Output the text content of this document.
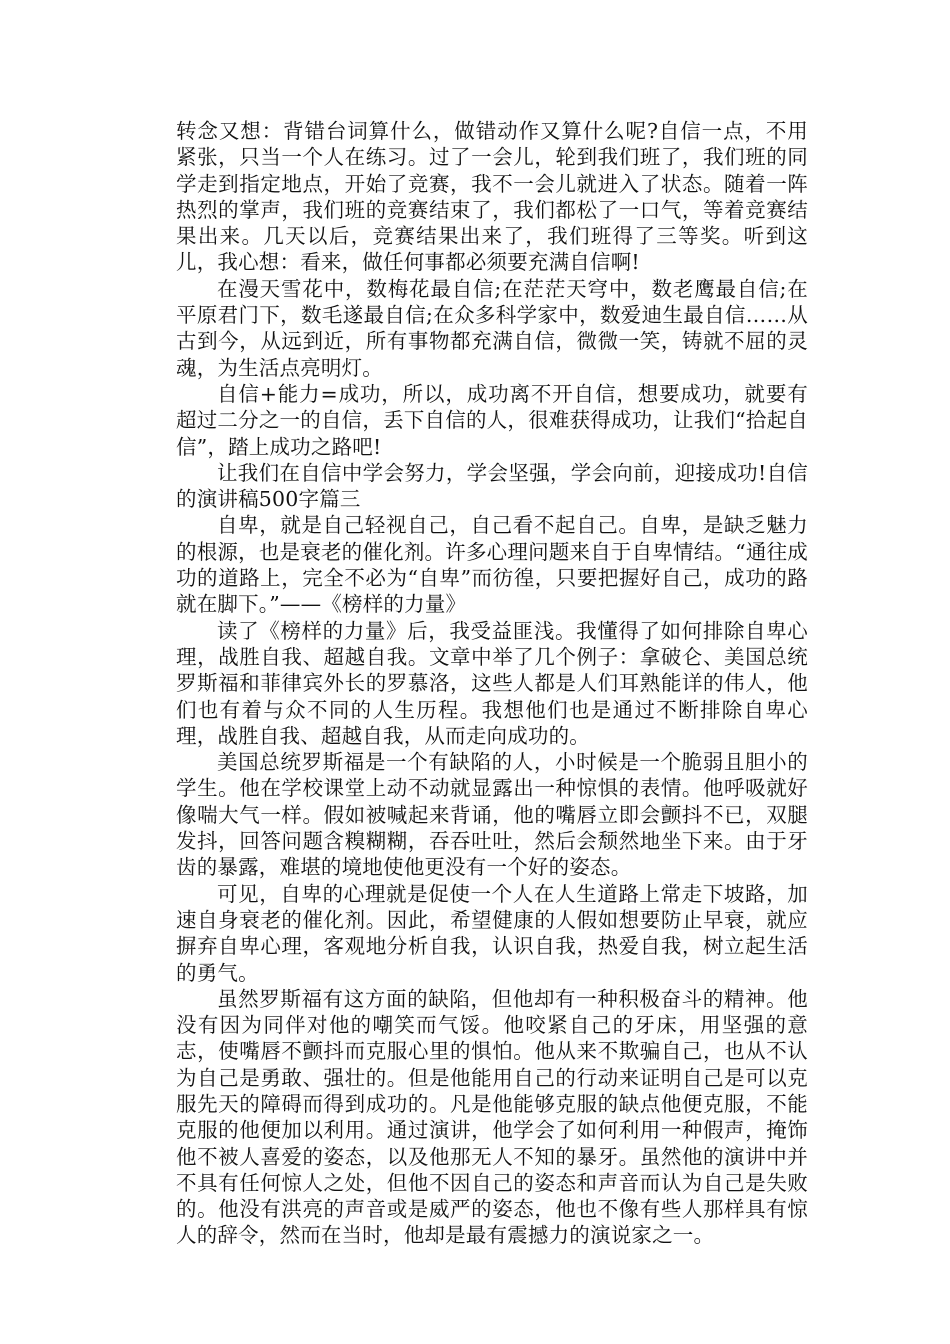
转念又想：背错台词算什么，做错动作又算什么呢?自信一点，不用紧张，只当一个人在练习。过了一会儿，轮到我们班了，我们班的同学走到指定地点，开始了竞赛，我不一会儿就进入了状态。随着一阵热烈的掌声，我们班的竞赛结束了，我们都松了一口气，等着竞赛结果出来。几天以后，竞赛结果出来了，我们班得了三等奖。听到这儿，我心想：看来，做任何事都必须要充满自信啊!

在漫天雪花中，数梅花最自信;在茫茫天穹中，数老鹰最自信;在平原君门下，数毛遂最自信;在众多科学家中，数爱迪生最自信……从古到今，从远到近，所有事物都充满自信，微微一笑，铸就不屈的灵魂，为生活点亮明灯。

自信+能力=成功，所以，成功离不开自信，想要成功，就要有超过二分之一的自信，丢下自信的人，很难获得成功，让我们“拾起自信”，踏上成功之路吧!

让我们在自信中学会努力，学会坚强，学会向前，迎接成功!自信的演讲稿500字篇三

自卑，就是自己轻视自己，自己看不起自己。自卑，是缺乏魅力的根源，也是衰老的催化剂。许多心理问题来自于自卑情结。“通往成功的道路上，完全不必为“自卑”而彷徨，只要把握好自己，成功的路就在脚下。”——《榜样的力量》

读了《榜样的力量》后，我受益匪浅。我懂得了如何排除自卑心理，战胜自我、超越自我。文章中举了几个例子：拿破仑、美国总统罗斯福和菲律宾外长的罗慕洛，这些人都是人们耳熟能详的伟人，他们也有着与众不同的人生历程。我想他们也是通过不断排除自卑心理，战胜自我、超越自我，从而走向成功的。

美国总统罗斯福是一个有缺陷的人，小时候是一个脆弱且胆小的学生。他在学校课堂上动不动就显露出一种惊惧的表情。他呼吸就好像喘大气一样。假如被喊起来背诵，他的嘴唇立即会颤抖不已，双腿发抖，回答问题含糗糊糊，吞吞吐吐，然后会颓然地坐下来。由于牙齿的暴露，难堪的境地使他更没有一个好的姿态。

可见，自卑的心理就是促使一个人在人生道路上常走下坡路，加速自身衰老的催化剂。因此，希望健康的人假如想要防止早衰，就应摒弃自卑心理，客观地分析自我，认识自我，热爱自我，树立起生活的勇气。

虽然罗斯福有这方面的缺陷，但他却有一种积极奋斗的精神。他没有因为同伴对他的嘲笑而气馁。他咬紧自己的牙床，用坚强的意志，使嘴唇不颤抖而克服心里的惧怕。他从来不欺骗自己，也从不认为自己是勇敢、强壮的。但是他能用自己的行动来证明自己是可以克服先天的障碍而得到成功的。凡是他能够克服的缺点他便克服，不能克服的他便加以利用。通过演讲，他学会了如何利用一种假声，掩饰他不被人喜爱的姿态，以及他那无人不知的暴牙。虽然他的演讲中并不具有任何惊人之处，但他不因自己的姿态和声音而认为自己是失败的。他没有洪亮的声音或是威严的姿态，他也不像有些人那样具有惊人的辞令，然而在当时，他却是最有震撼力的演说家之一。
